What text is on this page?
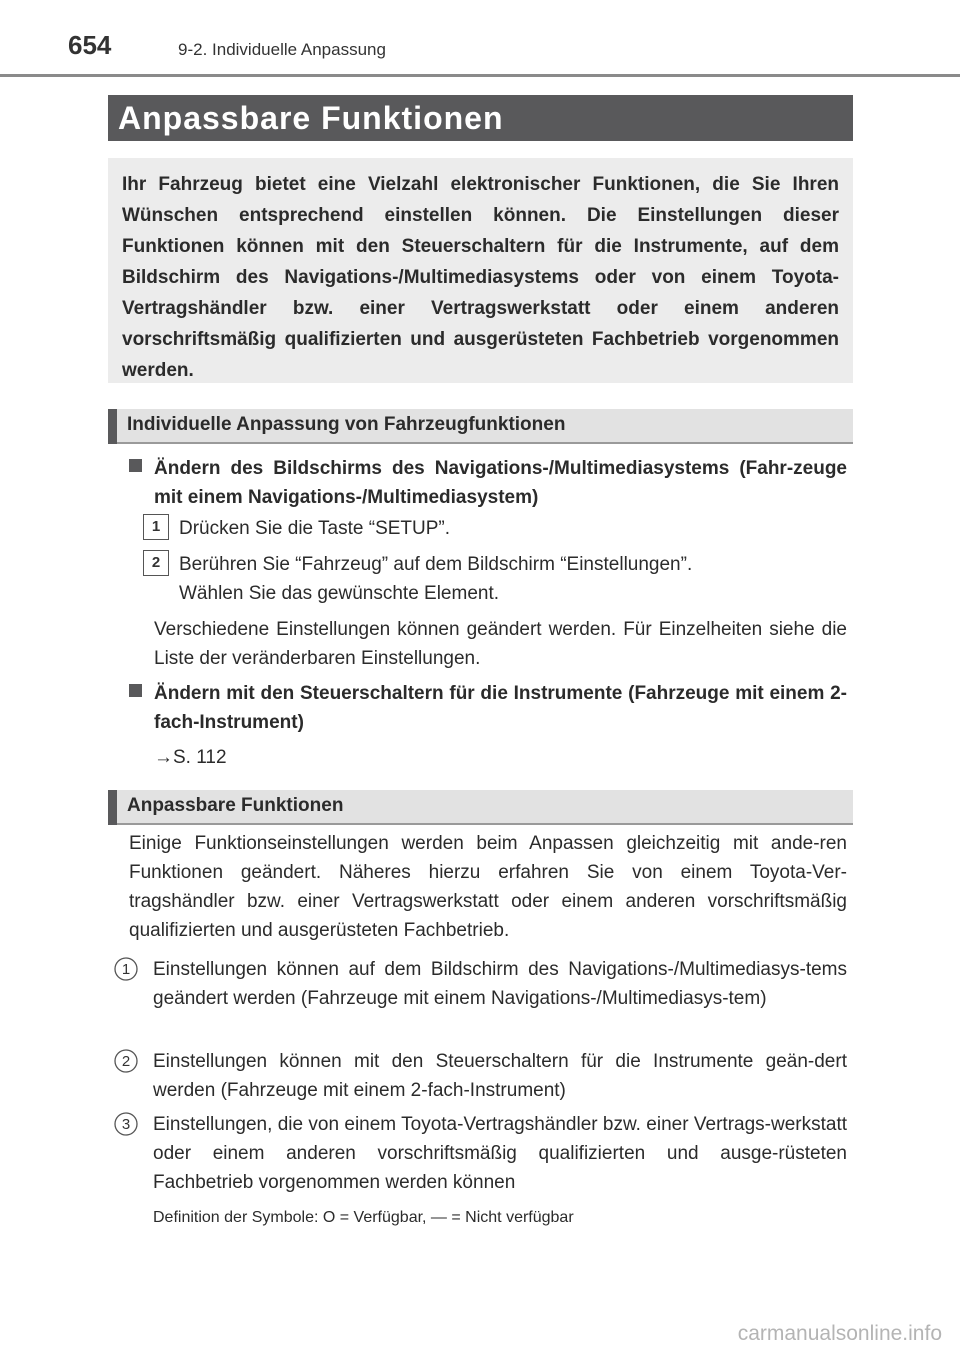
654	9-2. Individuelle Anpassung
Anpassbare Funktionen
Ihr Fahrzeug bietet eine Vielzahl elektronischer Funktionen, die Sie Ihren Wünschen entsprechend einstellen können. Die Einstellungen dieser Funktionen können mit den Steuerschaltern für die Instrumente, auf dem Bildschirm des Navigations-/Multimediasystems oder von einem Toyota-Vertragshändler bzw. einer Vertragswerkstatt oder einem anderen vorschriftsmäßig qualifizierten und ausgerüsteten Fachbetrieb vorgenommen werden.
Individuelle Anpassung von Fahrzeugfunktionen
Ändern des Bildschirms des Navigations-/Multimediasystems (Fahr-zeuge mit einem Navigations-/Multimediasystem)
1 Drücken Sie die Taste “SETUP”.
2 Berühren Sie “Fahrzeug” auf dem Bildschirm “Einstellungen”.
Wählen Sie das gewünschte Element.
Verschiedene Einstellungen können geändert werden. Für Einzelheiten siehe die Liste der veränderbaren Einstellungen.
Ändern mit den Steuerschaltern für die Instrumente (Fahrzeuge mit einem 2-fach-Instrument)
→S. 112
Anpassbare Funktionen
Einige Funktionseinstellungen werden beim Anpassen gleichzeitig mit ande-ren Funktionen geändert. Näheres hierzu erfahren Sie von einem Toyota-Ver-tragshändler bzw. einer Vertragswerkstatt oder einem anderen vorschriftsmäßig qualifizierten und ausgerüsteten Fachbetrieb.
1 Einstellungen können auf dem Bildschirm des Navigations-/Multimediasys-tems geändert werden (Fahrzeuge mit einem Navigations-/Multimediasys-tem)
2 Einstellungen können mit den Steuerschaltern für die Instrumente geän-dert werden (Fahrzeuge mit einem 2-fach-Instrument)
3 Einstellungen, die von einem Toyota-Vertragshändler bzw. einer Vertrags-werkstatt oder einem anderen vorschriftsmäßig qualifizierten und ausge-rüsteten Fachbetrieb vorgenommen werden können
Definition der Symbole: O = Verfügbar, — = Nicht verfügbar
carmanualsonline.info
